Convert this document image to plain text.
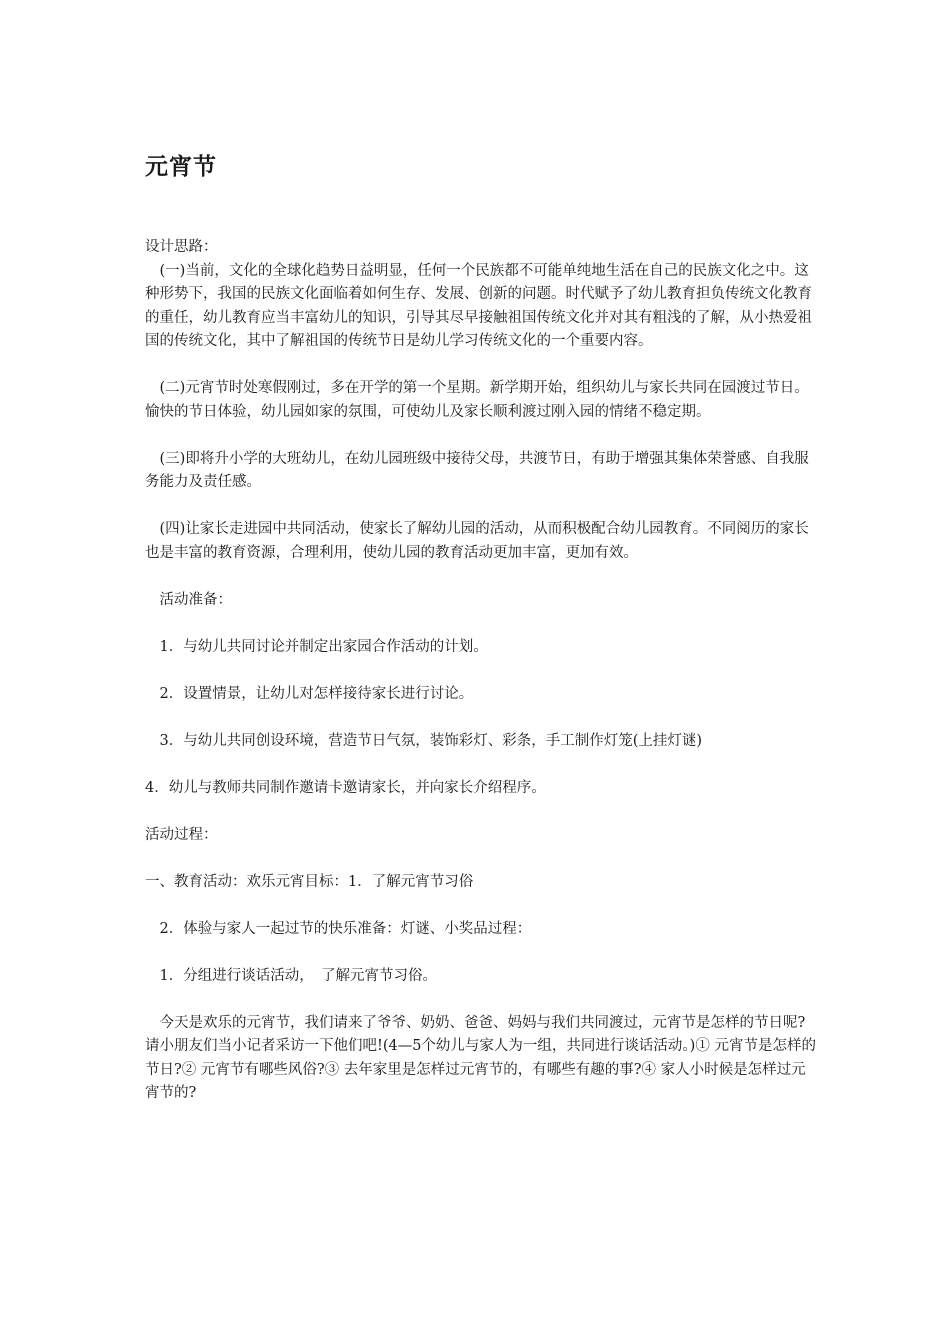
元宵节

设计思路：

　(一)当前，文化的全球化趋势日益明显，任何一个民族都不可能单纯地生活在自己的民族文化之中。这种形势下，我国的民族文化面临着如何生存、发展、创新的问题。时代赋予了幼儿教育担负传统文化教育的重任，幼儿教育应当丰富幼儿的知识，引导其尽早接触祖国传统文化并对其有粗浅的了解，从小热爱祖国的传统文化，其中了解祖国的传统节日是幼儿学习传统文化的一个重要内容。

　(二)元宵节时处寒假刚过，多在开学的第一个星期。新学期开始，组织幼儿与家长共同在园渡过节日。愉快的节日体验，幼儿园如家的氛围，可使幼儿及家长顺利渡过刚入园的情绪不稳定期。

　(三)即将升小学的大班幼儿，在幼儿园班级中接待父母，共渡节日，有助于增强其集体荣誉感、自我服务能力及责任感。

　(四)让家长走进园中共同活动，使家长了解幼儿园的活动，从而积极配合幼儿园教育。不同阅历的家长也是丰富的教育资源，合理利用，使幼儿园的教育活动更加丰富，更加有效。

　活动准备：

　1．与幼儿共同讨论并制定出家园合作活动的计划。

　2．设置情景，让幼儿对怎样接待家长进行讨论。

　3．与幼儿共同创设环境，营造节日气氛，装饰彩灯、彩条，手工制作灯笼(上挂灯谜)

4．幼儿与教师共同制作邀请卡邀请家长，并向家长介绍程序。

活动过程：

一、教育活动：欢乐元宵目标：1．了解元宵节习俗

　2．体验与家人一起过节的快乐准备：灯谜、小奖品过程：

　1．分组进行谈话活动，　了解元宵节习俗。

　今天是欢乐的元宵节，我们请来了爷爷、奶奶、爸爸、妈妈与我们共同渡过，元宵节是怎样的节日呢?请小朋友们当小记者采访一下他们吧!(4—5个幼儿与家人为一组，共同进行谈话活动。)① 元宵节是怎样的节日?② 元宵节有哪些风俗?③ 去年家里是怎样过元宵节的，有哪些有趣的事?④ 家人小时候是怎样过元宵节的?
